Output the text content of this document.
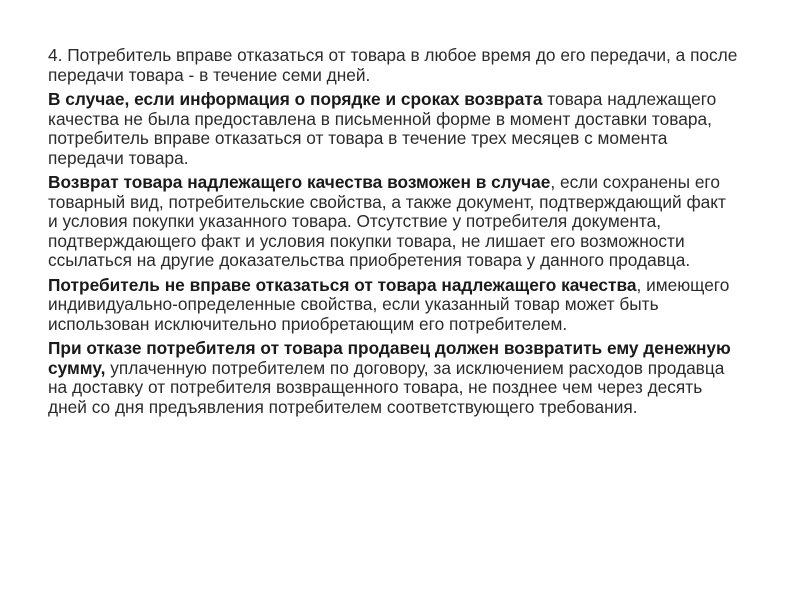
4. Потребитель вправе отказаться от товара в любое время до его передачи, а после передачи товара - в течение семи дней.

В случае, если информация о порядке и сроках возврата товара надлежащего качества не была предоставлена в письменной форме в момент доставки товара, потребитель вправе отказаться от товара в течение трех месяцев с момента передачи товара.

Возврат товара надлежащего качества возможен в случае, если сохранены его товарный вид, потребительские свойства, а также документ, подтверждающий факт и условия покупки указанного товара. Отсутствие у потребителя документа, подтверждающего факт и условия покупки товара, не лишает его возможности ссылаться на другие доказательства приобретения товара у данного продавца.

Потребитель не вправе отказаться от товара надлежащего качества, имеющего индивидуально-определенные свойства, если указанный товар может быть использован исключительно приобретающим его потребителем.

При отказе потребителя от товара продавец должен возвратить ему денежную сумму, уплаченную потребителем по договору, за исключением расходов продавца на доставку от потребителя возвращенного товара, не позднее чем через десять дней со дня предъявления потребителем соответствующего требования.
